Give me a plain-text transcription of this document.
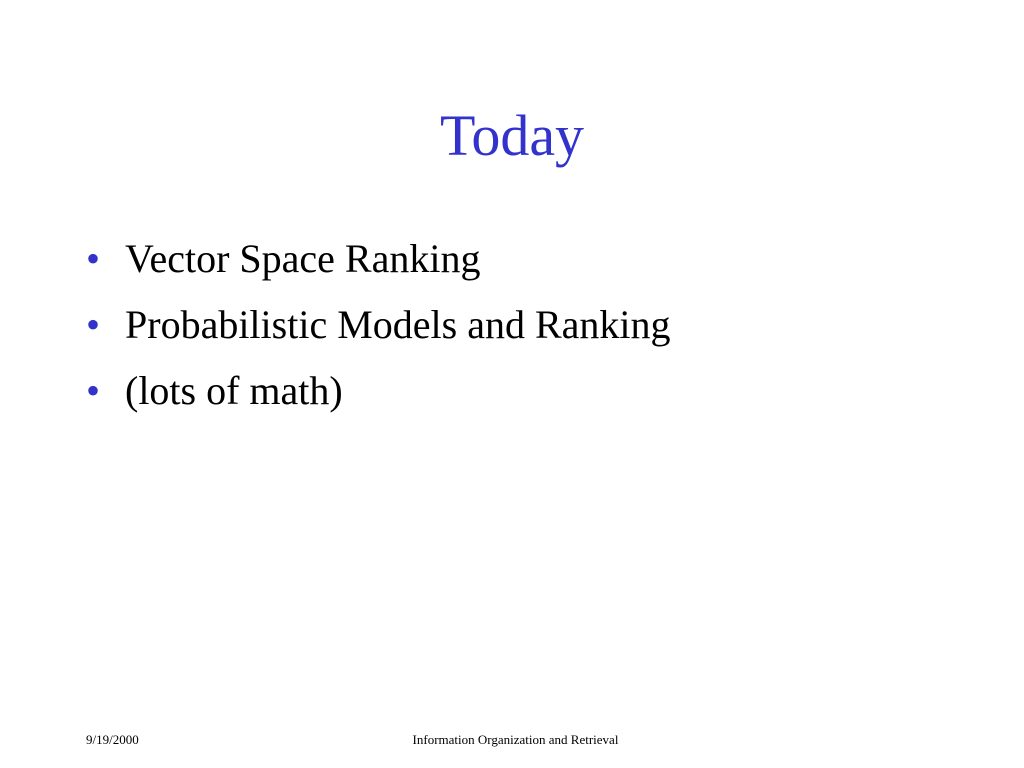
Today
• Vector Space Ranking
• Probabilistic Models and Ranking
• (lots of math)
9/19/2000	Information Organization and Retrieval
